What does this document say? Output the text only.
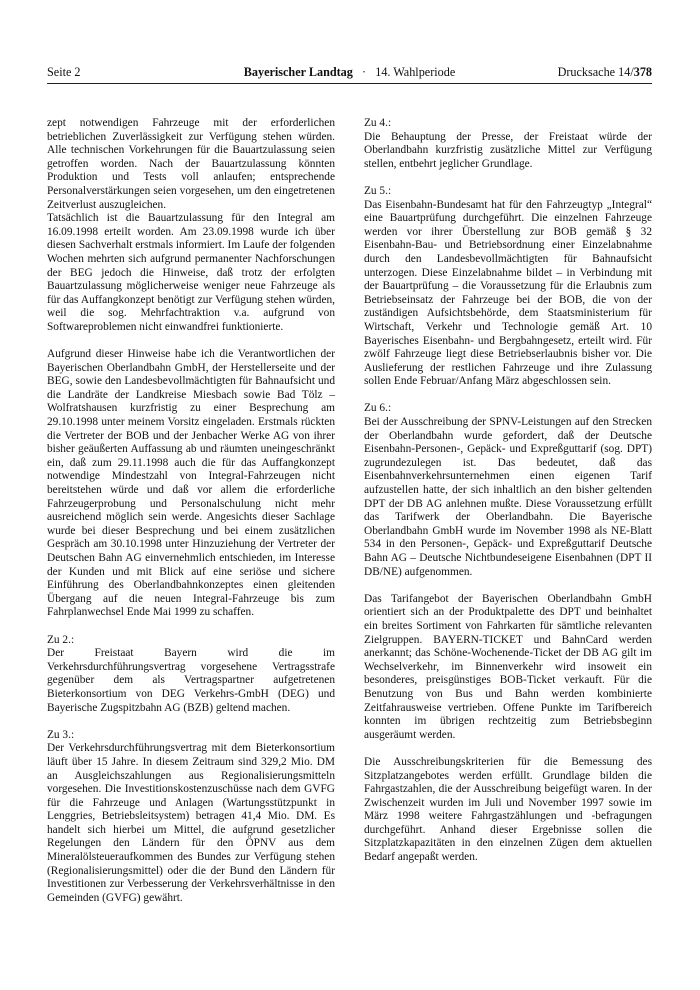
Seite 2	Bayerischer Landtag · 14. Wahlperiode	Drucksache 14/378

zept notwendigen Fahrzeuge mit der erforderlichen betrieblichen Zuverlässigkeit zur Verfügung stehen würden. Alle technischen Vorkehrungen für die Bauartzulassung seien getroffen worden. Nach der Bauartzulassung könnten Produktion und Tests voll anlaufen; entsprechende Personalverstärkungen seien vorgesehen, um den eingetretenen Zeitverlust auszugleichen.

Tatsächlich ist die Bauartzulassung für den Integral am 16.09.1998 erteilt worden. Am 23.09.1998 wurde ich über diesen Sachverhalt erstmals informiert. Im Laufe der folgenden Wochen mehrten sich aufgrund permanenter Nachforschungen der BEG jedoch die Hinweise, daß trotz der erfolgten Bauartzulassung möglicherweise weniger neue Fahrzeuge als für das Auffangkonzept benötigt zur Verfügung stehen würden, weil die sog. Mehrfachtraktion v.a. aufgrund von Softwareproblemen nicht einwandfrei funktionierte.

Aufgrund dieser Hinweise habe ich die Verantwortlichen der Bayerischen Oberlandbahn GmbH, der Herstellerseite und der BEG, sowie den Landesbevollmächtigten für Bahnaufsicht und die Landräte der Landkreise Miesbach sowie Bad Tölz – Wolfratshausen kurzfristig zu einer Besprechung am 29.10.1998 unter meinem Vorsitz eingeladen. Erstmals rückten die Vertreter der BOB und der Jenbacher Werke AG von ihrer bisher geäußerten Auffassung ab und räumten uneingeschränkt ein, daß zum 29.11.1998 auch die für das Auffangkonzept notwendige Mindestzahl von Integral-Fahrzeugen nicht bereitstehen würde und daß vor allem die erforderliche Fahrzeugerprobung und Personalschulung nicht mehr ausreichend möglich sein werde. Angesichts dieser Sachlage wurde bei dieser Besprechung und bei einem zusätzlichen Gespräch am 30.10.1998 unter Hinzuziehung der Vertreter der Deutschen Bahn AG einvernehmlich entschieden, im Interesse der Kunden und mit Blick auf eine seriöse und sichere Einführung des Oberlandbahnkonzeptes einen gleitenden Übergang auf die neuen Integral-Fahrzeuge bis zum Fahrplanwechsel Ende Mai 1999 zu schaffen.

Zu 2.:

Der Freistaat Bayern wird die im Verkehrsdurchführungsvertrag vorgesehene Vertragsstrafe gegenüber dem als Vertragspartner aufgetretenen Bieterkonsortium von DEG Verkehrs-GmbH (DEG) und Bayerische Zugspitzbahn AG (BZB) geltend machen.

Zu 3.:

Der Verkehrsdurchführungsvertrag mit dem Bieterkonsortium läuft über 15 Jahre. In diesem Zeitraum sind 329,2 Mio. DM an Ausgleichszahlungen aus Regionalisierungsmitteln vorgesehen. Die Investitionskostenzuschüsse nach dem GVFG für die Fahrzeuge und Anlagen (Wartungsstützpunkt in Lenggries, Betriebsleitsystem) betragen 41,4 Mio. DM. Es handelt sich hierbei um Mittel, die aufgrund gesetzlicher Regelungen den Ländern für den ÖPNV aus dem Mineralölsteueraufkommen des Bundes zur Verfügung stehen (Regionalisierungsmittel) oder die der Bund den Ländern für Investitionen zur Verbesserung der Verkehrsverhältnisse in den Gemeinden (GVFG) gewährt.

Zu 4.:

Die Behauptung der Presse, der Freistaat würde der Oberlandbahn kurzfristig zusätzliche Mittel zur Verfügung stellen, entbehrt jeglicher Grundlage.

Zu 5.:

Das Eisenbahn-Bundesamt hat für den Fahrzeugtyp „Integral“ eine Bauartprüfung durchgeführt. Die einzelnen Fahrzeuge werden vor ihrer Überstellung zur BOB gemäß § 32 Eisenbahn-Bau- und Betriebsordnung einer Einzelabnahme durch den Landesbevollmächtigten für Bahnaufsicht unterzogen. Diese Einzelabnahme bildet – in Verbindung mit der Bauartprüfung – die Voraussetzung für die Erlaubnis zum Betriebseinsatz der Fahrzeuge bei der BOB, die von der zuständigen Aufsichtsbehörde, dem Staatsministerium für Wirtschaft, Verkehr und Technologie gemäß Art. 10 Bayerisches Eisenbahn- und Bergbahngesetz, erteilt wird. Für zwölf Fahrzeuge liegt diese Betriebserlaubnis bisher vor. Die Auslieferung der restlichen Fahrzeuge und ihre Zulassung sollen Ende Februar/Anfang März abgeschlossen sein.

Zu 6.:

Bei der Ausschreibung der SPNV-Leistungen auf den Strecken der Oberlandbahn wurde gefordert, daß der Deutsche Eisenbahn-Personen-, Gepäck- und Expreßguttarif (sog. DPT) zugrundezulegen ist. Das bedeutet, daß das Eisenbahnverkehrsunternehmen einen eigenen Tarif aufzustellen hatte, der sich inhaltlich an den bisher geltenden DPT der DB AG anlehnen mußte. Diese Voraussetzung erfüllt das Tarifwerk der Oberlandbahn. Die Bayerische Oberlandbahn GmbH wurde im November 1998 als NE-Blatt 534 in den Personen-, Gepäck- und Expreßguttarif Deutsche Bahn AG – Deutsche Nichtbundeseigene Eisenbahnen (DPT II DB/NE) aufgenommen.

Das Tarifangebot der Bayerischen Oberlandbahn GmbH orientiert sich an der Produktpalette des DPT und beinhaltet ein breites Sortiment von Fahrkarten für sämtliche relevanten Zielgruppen. BAYERN-TICKET und BahnCard werden anerkannt; das Schöne-Wochenende-Ticket der DB AG gilt im Wechselverkehr, im Binnenverkehr wird insoweit ein besonderes, preisgünstiges BOB-Ticket verkauft. Für die Benutzung von Bus und Bahn werden kombinierte Zeitfahrausweise vertrieben. Offene Punkte im Tarifbereich konnten im übrigen rechtzeitig zum Betriebsbeginn ausgeräumt werden.

Die Ausschreibungskriterien für die Bemessung des Sitzplatzangebotes werden erfüllt. Grundlage bilden die Fahrgastzahlen, die der Ausschreibung beigefügt waren. In der Zwischenzeit wurden im Juli und November 1997 sowie im März 1998 weitere Fahrgastzählungen und -befragungen durchgeführt. Anhand dieser Ergebnisse sollen die Sitzplatzkapazitäten in den einzelnen Zügen dem aktuellen Bedarf angepaßt werden.
